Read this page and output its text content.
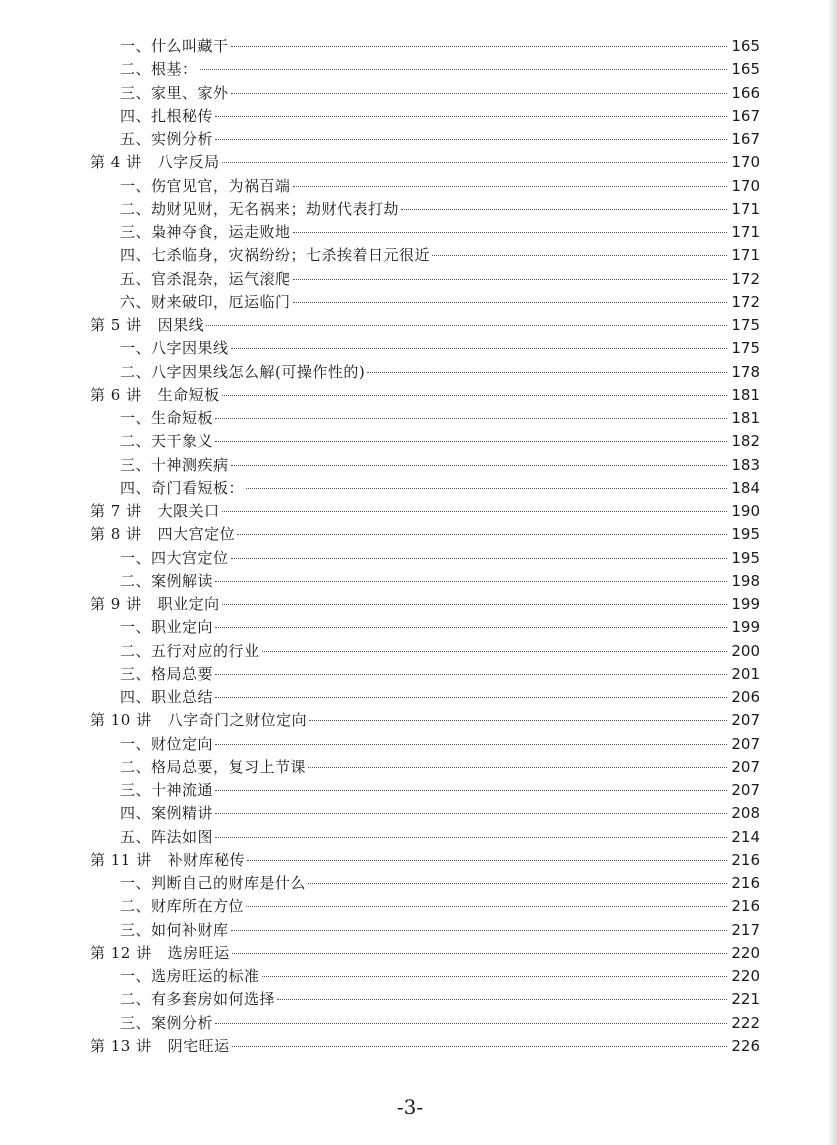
一、什么叫藏干	165
二、根基：	165
三、家里、家外	166
四、扎根秘传	167
五、实例分析	167
第 4 讲 八字反局	170
一、伤官见官，为祸百端	170
二、劫财见财，无名祸来；劫财代表打劫	171
三、枭神夺食，运走败地	171
四、七杀临身，灾祸纷纷；七杀挨着日元很近	171
五、官杀混杂，运气滚爬	172
六、财来破印，厄运临门	172
第 5 讲 因果线	175
一、八字因果线	175
二、八字因果线怎么解(可操作性的)	178
第 6 讲 生命短板	181
一、生命短板	181
二、天干象义	182
三、十神测疾病	183
四、奇门看短板：	184
第 7 讲 大限关口	190
第 8 讲 四大宫定位	195
一、四大宫定位	195
二、案例解读	198
第 9 讲 职业定向	199
一、职业定向	199
二、五行对应的行业	200
三、格局总要	201
四、职业总结	206
第 10 讲 八字奇门之财位定向	207
一、财位定向	207
二、格局总要，复习上节课	207
三、十神流通	207
四、案例精讲	208
五、阵法如图	214
第 11 讲 补财库秘传	216
一、判断自己的财库是什么	216
二、财库所在方位	216
三、如何补财库	217
第 12 讲 选房旺运	220
一、选房旺运的标准	220
二、有多套房如何选择	221
三、案例分析	222
第 13 讲 阴宅旺运	226
-3-
